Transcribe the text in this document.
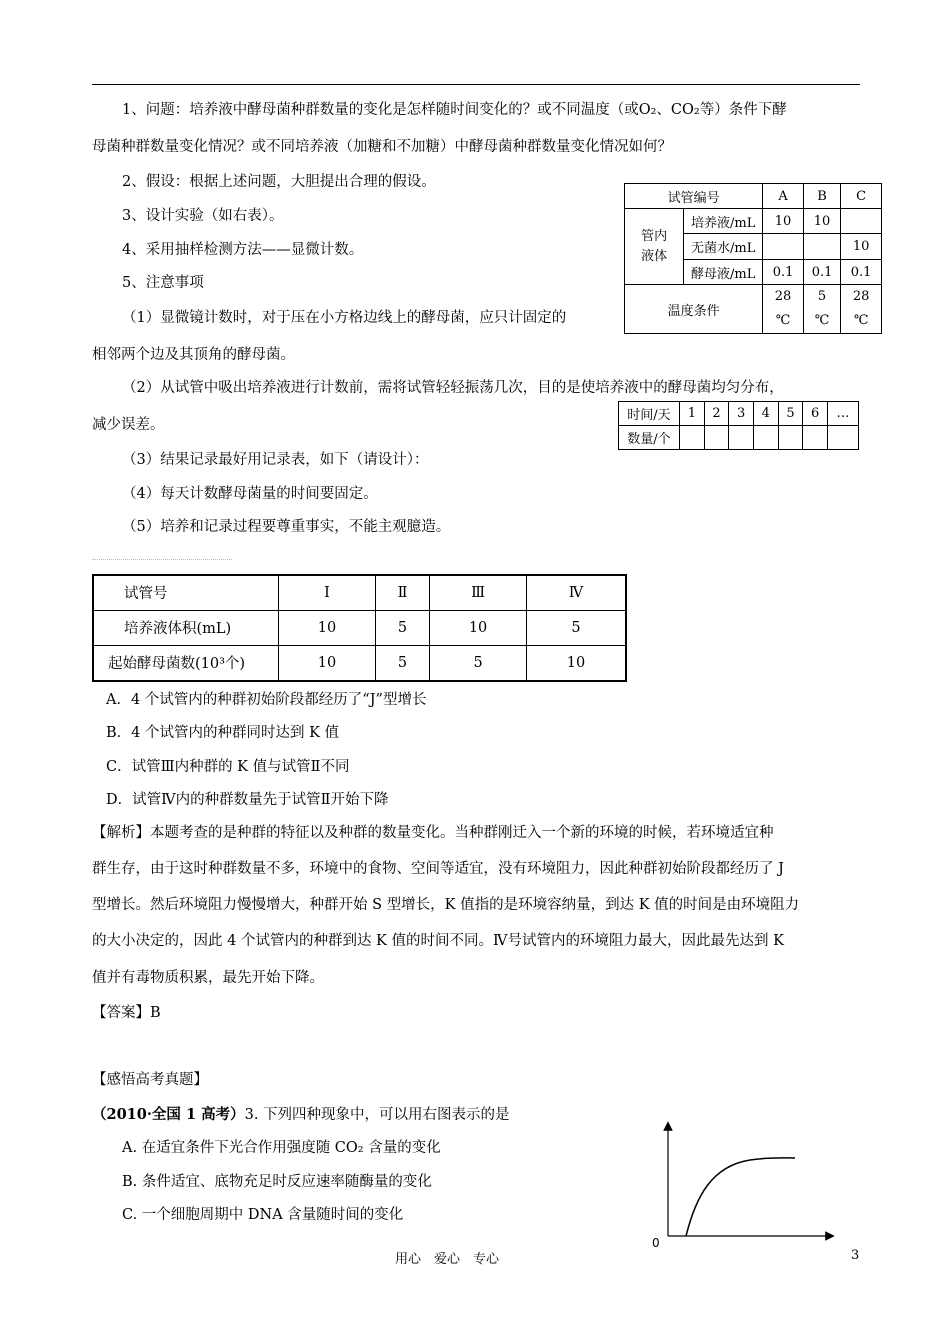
1、问题：培养液中酵母菌种群数量的变化是怎样随时间变化的？或不同温度（或O₂、CO₂等）条件下酵
母菌种群数量变化情况？或不同培养液（加糖和不加糖）中酵母菌种群数量变化情况如何？
2、假设：根据上述问题，大胆提出合理的假设。
3、设计实验（如右表）。
4、采用抽样检测方法——显微计数。
5、注意事项
（1）显微镜计数时，对于压在小方格边线上的酵母菌，应只计固定的
相邻两个边及其顶角的酵母菌。
（2）从试管中吸出培养液进行计数前，需将试管轻轻振荡几次，目的是使培养液中的酵母菌均匀分布，
减少误差。
（3）结果记录最好用记录表，如下（请设计）：
（4）每天计数酵母菌量的时间要固定。
（5）培养和记录过程要尊重事实，不能主观臆造。
试管编号		A	B	C
管内液体	培养液/mL	10	10	
	无菌水/mL			10
	酵母液/mL	0.1	0.1	0.1
温度条件		28 ℃	5 ℃	28 ℃
时间/天	1	2	3	4	5	6	…
数量/个							
试管号	Ⅰ	Ⅱ	Ⅲ	Ⅳ
培养液体积(mL)	10	5	10	5
起始酵母菌数(10³个)	10	5	5	10
A．4 个试管内的种群初始阶段都经历了“J”型增长
B．4 个试管内的种群同时达到 K 值
C．试管Ⅲ内种群的 K 值与试管Ⅱ不同
D．试管Ⅳ内的种群数量先于试管Ⅱ开始下降
【解析】本题考查的是种群的特征以及种群的数量变化。当种群刚迁入一个新的环境的时候，若环境适宜种
群生存，由于这时种群数量不多，环境中的食物、空间等适宜，没有环境阻力，因此种群初始阶段都经历了 J
型增长。然后环境阻力慢慢增大，种群开始 S 型增长，K 值指的是环境容纳量，到达 K 值的时间是由环境阻力
的大小决定的，因此 4 个试管内的种群到达 K 值的时间不同。Ⅳ号试管内的环境阻力最大，因此最先达到 K
值并有毒物质积累，最先开始下降。
【答案】B
【感悟高考真题】
（2010·全国 1 高考）3. 下列四种现象中，可以用右图表示的是
A. 在适宜条件下光合作用强度随 CO₂ 含量的变化
B. 条件适宜、底物充足时反应速率随酶量的变化
C. 一个细胞周期中 DNA 含量随时间的变化
0
用心　爱心　专心	3
